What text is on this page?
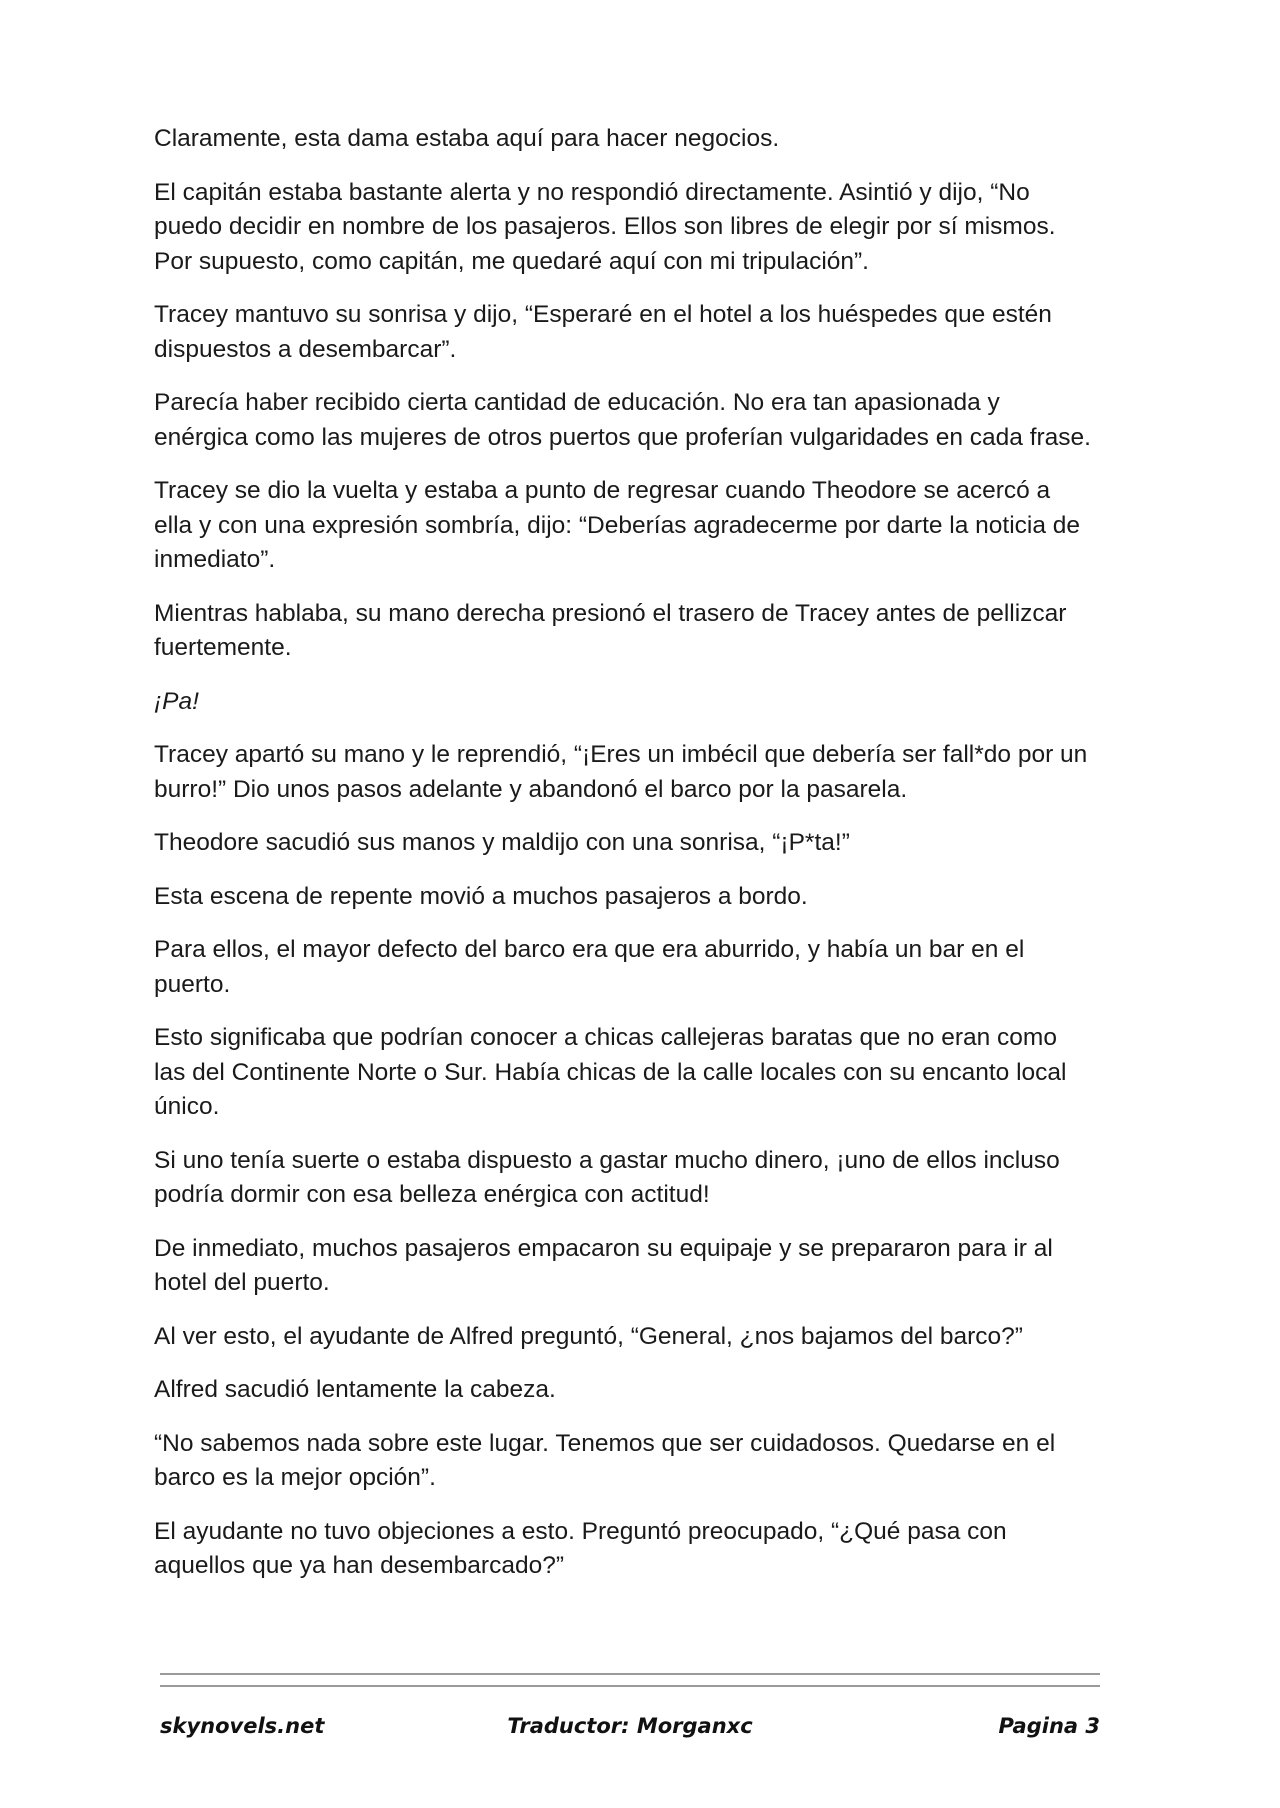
Claramente, esta dama estaba aquí para hacer negocios.

El capitán estaba bastante alerta y no respondió directamente. Asintió y dijo, “No puedo decidir en nombre de los pasajeros. Ellos son libres de elegir por sí mismos. Por supuesto, como capitán, me quedaré aquí con mi tripulación”.

Tracey mantuvo su sonrisa y dijo, “Esperaré en el hotel a los huéspedes que estén dispuestos a desembarcar”.

Parecía haber recibido cierta cantidad de educación. No era tan apasionada y enérgica como las mujeres de otros puertos que proferían vulgaridades en cada frase.

Tracey se dio la vuelta y estaba a punto de regresar cuando Theodore se acercó a ella y con una expresión sombría, dijo: “Deberías agradecerme por darte la noticia de inmediato”.

Mientras hablaba, su mano derecha presionó el trasero de Tracey antes de pellizcar fuertemente.

¡Pa!

Tracey apartó su mano y le reprendió, “¡Eres un imbécil que debería ser fall*do por un burro!” Dio unos pasos adelante y abandonó el barco por la pasarela.

Theodore sacudió sus manos y maldijo con una sonrisa, “¡P*ta!”

Esta escena de repente movió a muchos pasajeros a bordo.

Para ellos, el mayor defecto del barco era que era aburrido, y había un bar en el puerto.

Esto significaba que podrían conocer a chicas callejeras baratas que no eran como las del Continente Norte o Sur. Había chicas de la calle locales con su encanto local único.

Si uno tenía suerte o estaba dispuesto a gastar mucho dinero, ¡uno de ellos incluso podría dormir con esa belleza enérgica con actitud!

De inmediato, muchos pasajeros empacaron su equipaje y se prepararon para ir al hotel del puerto.

Al ver esto, el ayudante de Alfred preguntó, “General, ¿nos bajamos del barco?”

Alfred sacudió lentamente la cabeza.

“No sabemos nada sobre este lugar. Tenemos que ser cuidadosos. Quedarse en el barco es la mejor opción”.

El ayudante no tuvo objeciones a esto. Preguntó preocupado, “¿Qué pasa con aquellos que ya han desembarcado?”

skynovels.net	Traductor: Morganxc	Pagina 3
